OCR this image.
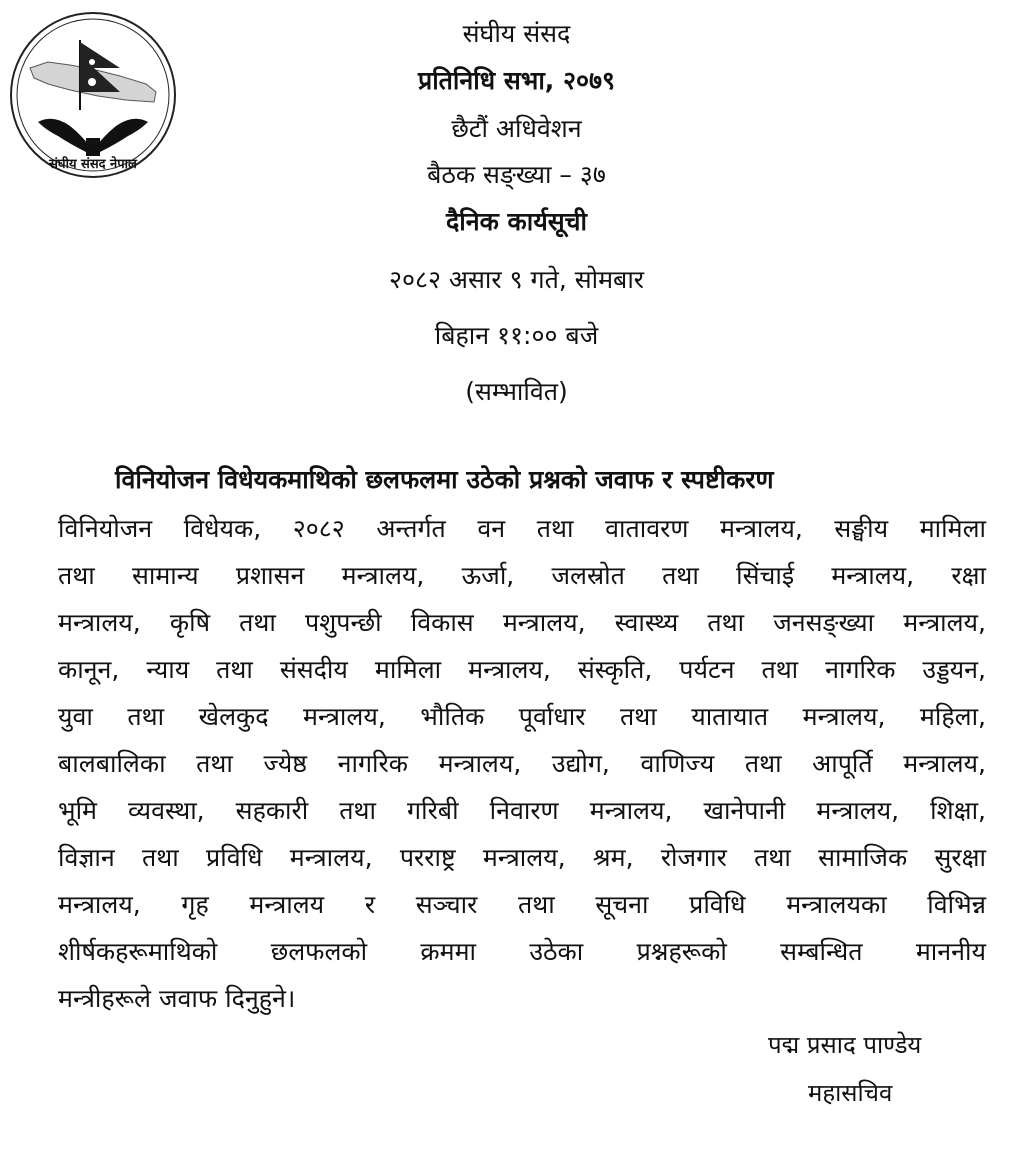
संघीय संसद नेपाल
संघीय संसद
प्रतिनिधि सभा, २०७९
छैटौं अधिवेशन
बैठक सङ्ख्या – ३७
दैनिक कार्यसूची
२०८२ असार ९ गते, सोमबार
बिहान ११:०० बजे
(सम्भावित)
विनियोजन विधेयकमाथिको छलफलमा उठेको प्रश्नको जवाफ र स्पष्टीकरण
विनियोजन विधेयक, २०८२ अन्तर्गत वन तथा वातावरण मन्त्रालय, सङ्घीय मामिला
तथा सामान्य प्रशासन मन्त्रालय, ऊर्जा, जलस्रोत तथा सिंचाई मन्त्रालय, रक्षा
मन्त्रालय, कृषि तथा पशुपन्छी विकास मन्त्रालय, स्वास्थ्य तथा जनसङ्ख्या मन्त्रालय,
कानून, न्याय तथा संसदीय मामिला मन्त्रालय, संस्कृति, पर्यटन तथा नागरिक उड्डयन,
युवा तथा खेलकुद मन्त्रालय, भौतिक पूर्वाधार तथा यातायात मन्त्रालय, महिला,
बालबालिका तथा ज्येष्ठ नागरिक मन्त्रालय, उद्योग, वाणिज्य तथा आपूर्ति मन्त्रालय,
भूमि व्यवस्था, सहकारी तथा गरिबी निवारण मन्त्रालय, खानेपानी मन्त्रालय, शिक्षा,
विज्ञान तथा प्रविधि मन्त्रालय, परराष्ट्र मन्त्रालय, श्रम, रोजगार तथा सामाजिक सुरक्षा
मन्त्रालय, गृह मन्त्रालय र सञ्चार तथा सूचना प्रविधि मन्त्रालयका विभिन्न
शीर्षकहरूमाथिको छलफलको क्रममा उठेका प्रश्नहरूको सम्बन्धित माननीय
मन्त्रीहरूले जवाफ दिनुहुने।
पद्म प्रसाद पाण्डेय
महासचिव
